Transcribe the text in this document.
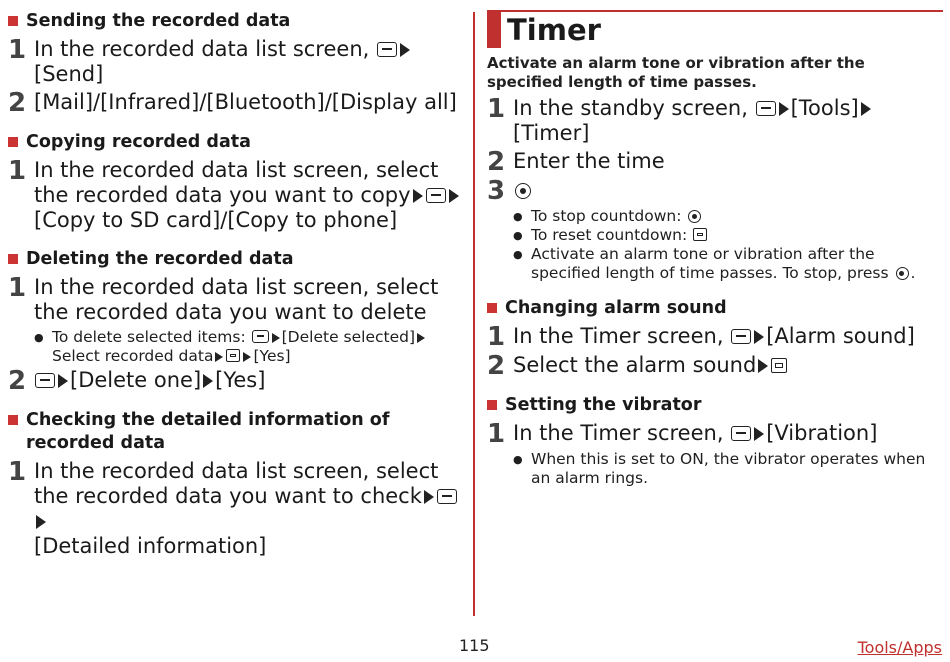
Sending the recorded data
1 In the recorded data list screen,
[Send]
2 [Mail]/[Infrared]/[Bluetooth]/[Display all]
Copying recorded data
1 In the recorded data list screen, select the recorded data you want to copy
[Copy to SD card]/[Copy to phone]
Deleting the recorded data
1 In the recorded data list screen, select the recorded data you want to delete
● To delete selected items: [Delete selected]Select recorded data	[Yes]
2	[Delete one] [Yes]
Checking the detailed information of recorded data
1 In the recorded data list screen, select the recorded data you want to check
[Detailed information]
Timer

Activate an alarm tone or vibration after the specified length of time passes.

1 In the standby screen, [Tools]
[Timer]
2 Enter the time
3
● To stop countdown:
● To reset countdown:
● Activate an alarm tone or vibration after the specified length of time passes. To stop, press .
Changing alarm sound
1 In the Timer screen, [Alarm sound]
2 Select the alarm sound
Setting the vibrator
1 In the Timer screen, [Vibration]
● When this is set to ON, the vibrator operates when an alarm rings.
115	Tools/Apps
